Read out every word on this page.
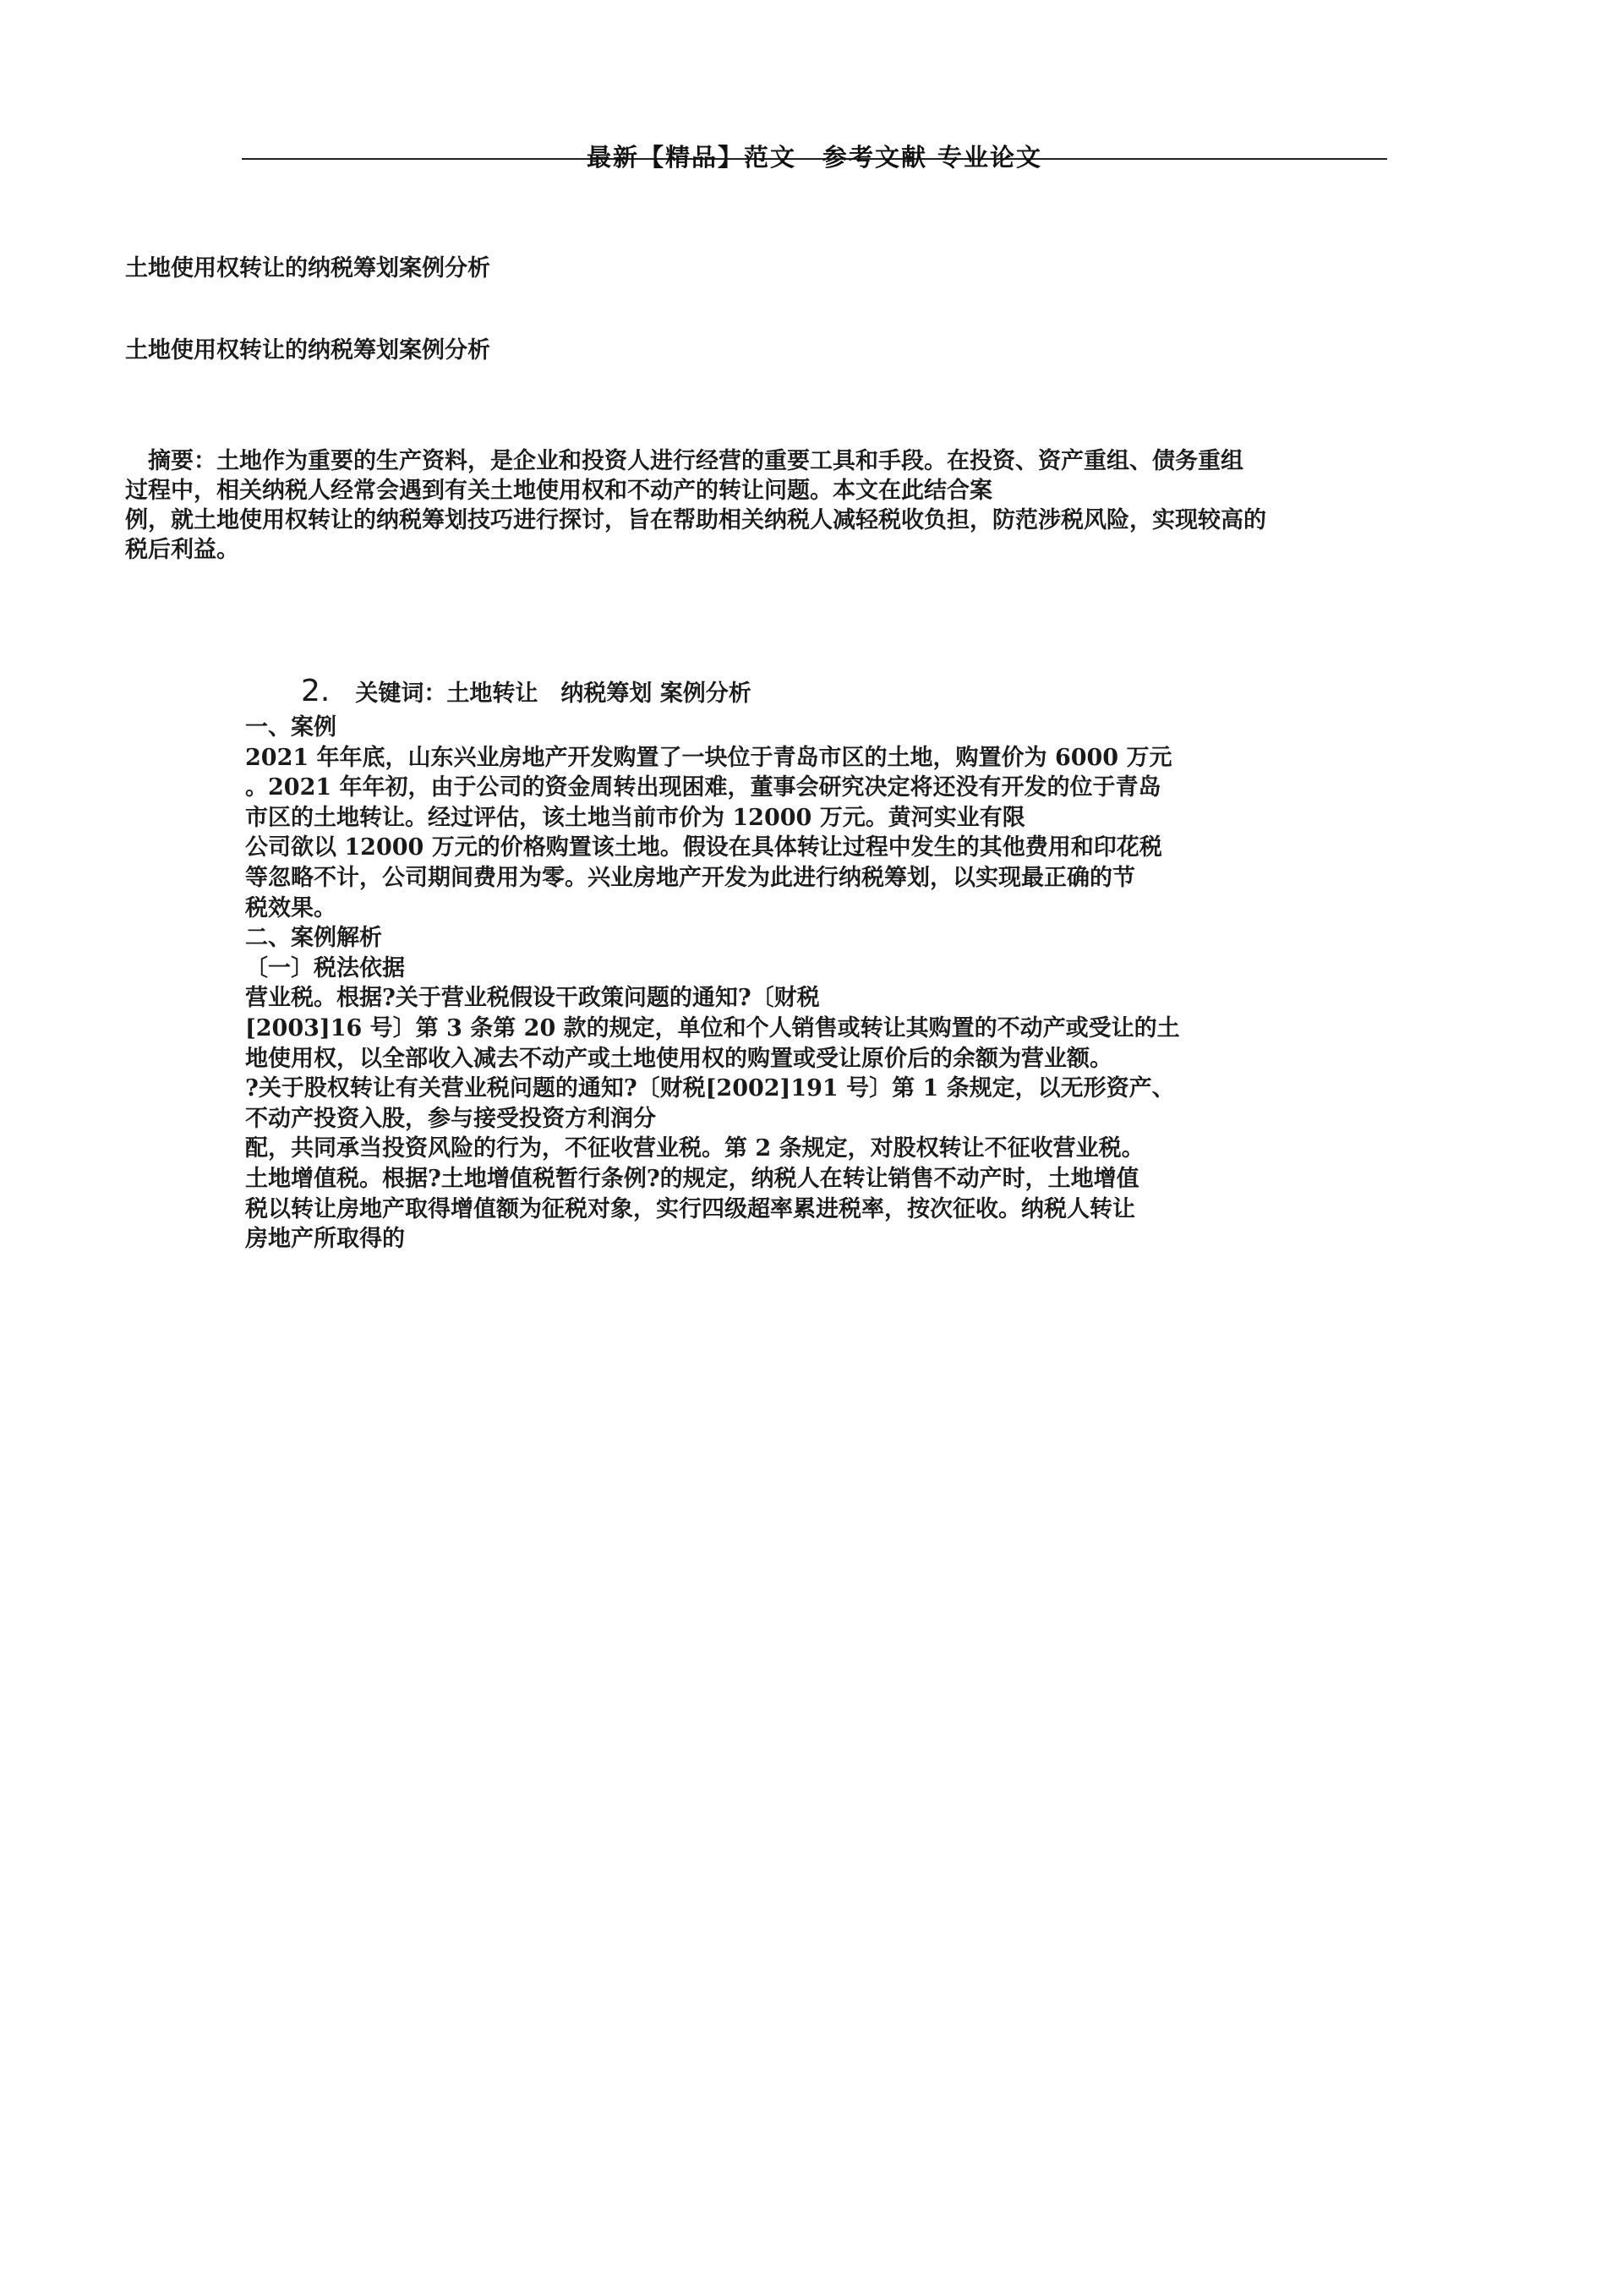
最新【精品】范文　参考文献 专业论文
土地使用权转让的纳税筹划案例分析
土地使用权转让的纳税筹划案例分析
　摘要：土地作为重要的生产资料，是企业和投资人进行经营的重要工具和手段。在投资、资产重组、债务重组
过程中，相关纳税人经常会遇到有关土地使用权和不动产的转让问题。本文在此结合案
例，就土地使用权转让的纳税筹划技巧进行探讨，旨在帮助相关纳税人减轻税收负担，防范涉税风险，实现较高的
税后利益。
2. 关键词：土地转让　纳税筹划 案例分析
一、案例
2021 年年底，山东兴业房地产开发购置了一块位于青岛市区的土地，购置价为 6000 万元
。2021 年年初，由于公司的资金周转出现困难，董事会研究决定将还没有开发的位于青岛
市区的土地转让。经过评估，该土地当前市价为 12000 万元。黄河实业有限
公司欲以 12000 万元的价格购置该土地。假设在具体转让过程中发生的其他费用和印花税
等忽略不计，公司期间费用为零。兴业房地产开发为此进行纳税筹划，以实现最正确的节
税效果。
二、案例解析
〔一〕税法依据
营业税。根据?关于营业税假设干政策问题的通知?〔财税
[2003]16 号〕第 3 条第 20 款的规定，单位和个人销售或转让其购置的不动产或受让的土
地使用权，以全部收入减去不动产或土地使用权的购置或受让原价后的余额为营业额。
?关于股权转让有关营业税问题的通知?〔财税[2002]191 号〕第 1 条规定，以无形资产、
不动产投资入股，参与接受投资方利润分
配，共同承当投资风险的行为，不征收营业税。第 2 条规定，对股权转让不征收营业税。
土地增值税。根据?土地增值税暂行条例?的规定，纳税人在转让销售不动产时，土地增值
税以转让房地产取得增值额为征税对象，实行四级超率累进税率，按次征收。纳税人转让
房地产所取得的
